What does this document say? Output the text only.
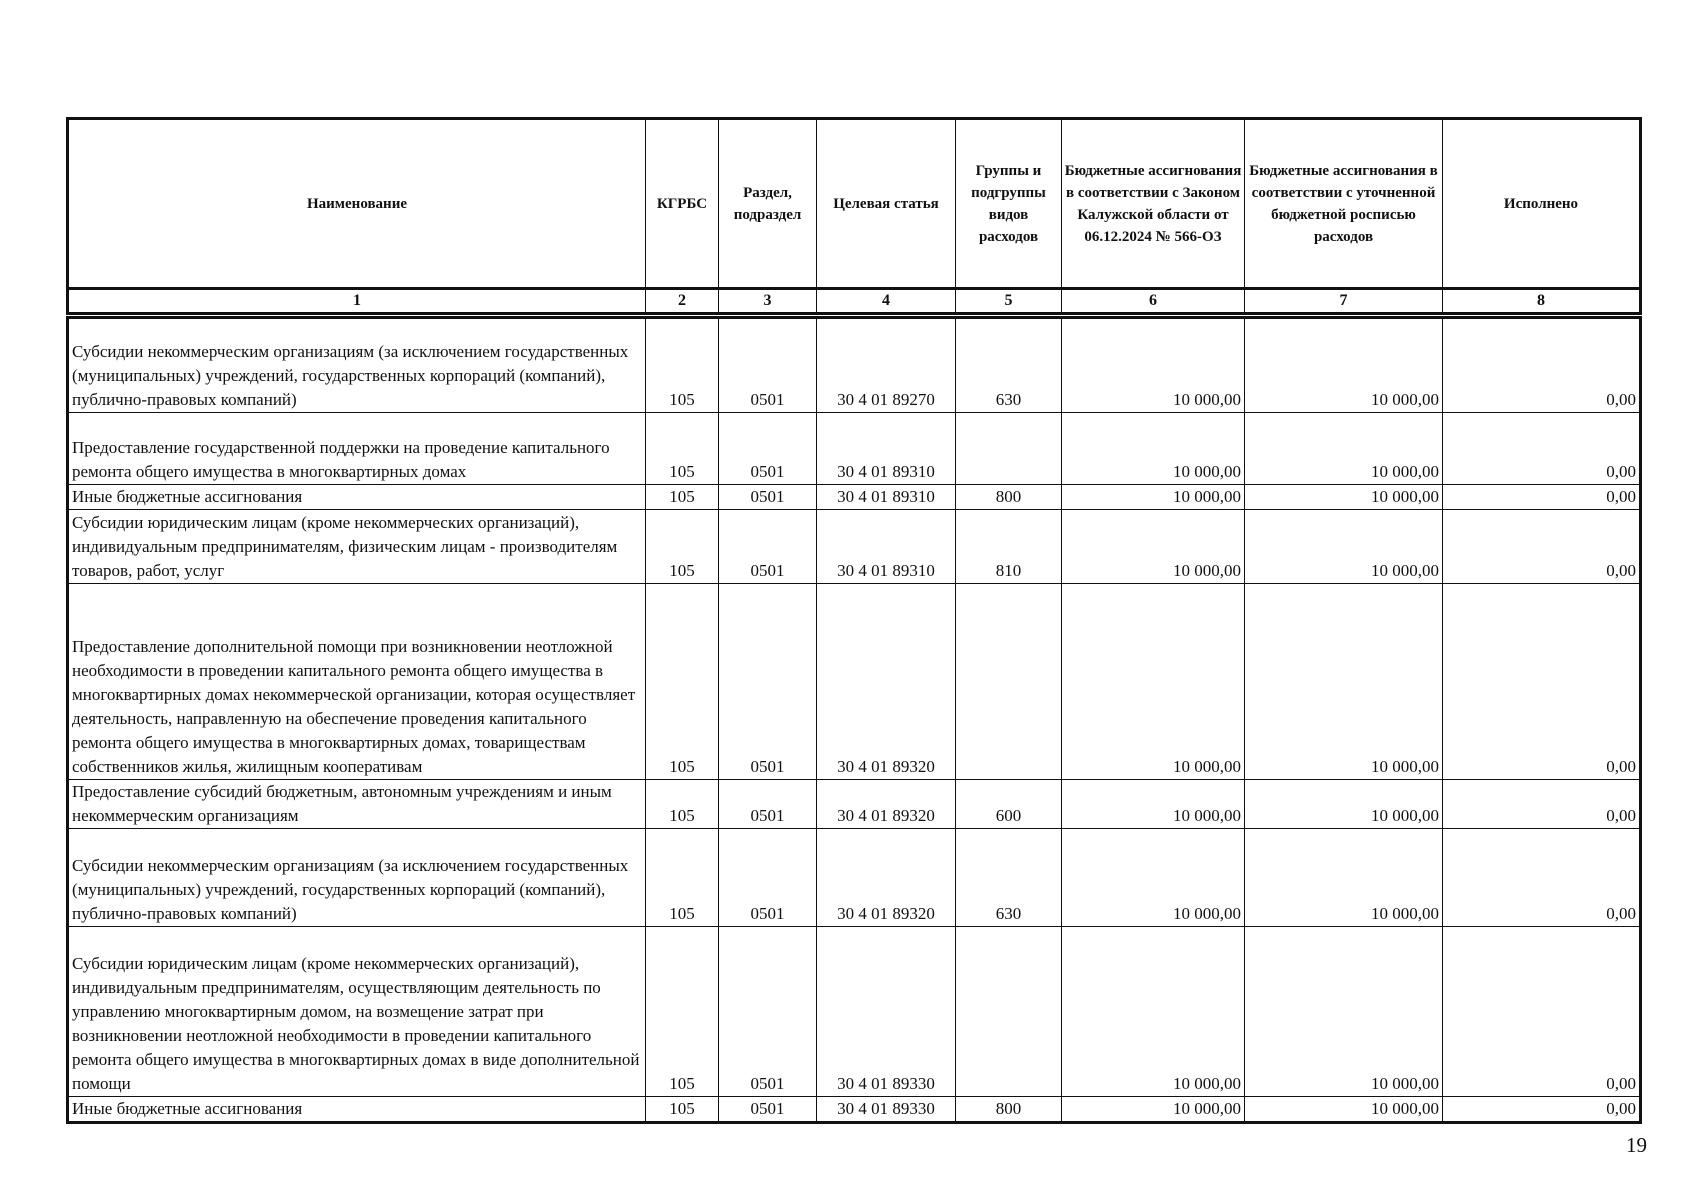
Наименование	КГРБС	Раздел, подраздел	Целевая статья	Группы и подгруппы видов расходов	Бюджетные ассигнования в соответствии с Законом Калужской области от 06.12.2024 № 566-ОЗ	Бюджетные ассигнования в соответствии с уточненной бюджетной росписью расходов	Исполнено
1	2	3	4	5	6	7	8

Субсидии некоммерческим организациям (за исключением государственных (муниципальных) учреждений, государственных корпораций (компаний), публично-правовых компаний)	105	0501	30 4 01 89270	630	10 000,00	10 000,00	0,00
Предоставление государственной поддержки на проведение капитального ремонта общего имущества в многоквартирных домах	105	0501	30 4 01 89310		10 000,00	10 000,00	0,00
Иные бюджетные ассигнования	105	0501	30 4 01 89310	800	10 000,00	10 000,00	0,00
Субсидии юридическим лицам (кроме некоммерческих организаций), индивидуальным предпринимателям, физическим лицам - производителям товаров, работ, услуг	105	0501	30 4 01 89310	810	10 000,00	10 000,00	0,00
Предоставление дополнительной помощи при возникновении неотложной необходимости в проведении капитального ремонта общего имущества в многоквартирных домах некоммерческой организации, которая осуществляет деятельность, направленную на обеспечение проведения капитального ремонта общего имущества в многоквартирных домах, товариществам собственников жилья, жилищным кооперативам	105	0501	30 4 01 89320		10 000,00	10 000,00	0,00
Предоставление субсидий бюджетным, автономным учреждениям и иным некоммерческим организациям	105	0501	30 4 01 89320	600	10 000,00	10 000,00	0,00
Субсидии некоммерческим организациям (за исключением государственных (муниципальных) учреждений, государственных корпораций (компаний), публично-правовых компаний)	105	0501	30 4 01 89320	630	10 000,00	10 000,00	0,00
Субсидии юридическим лицам (кроме некоммерческих организаций), индивидуальным предпринимателям, осуществляющим деятельность по управлению многоквартирным домом, на возмещение затрат при возникновении неотложной необходимости в проведении капитального ремонта общего имущества в многоквартирных домах в виде дополнительной помощи	105	0501	30 4 01 89330		10 000,00	10 000,00	0,00
Иные бюджетные ассигнования	105	0501	30 4 01 89330	800	10 000,00	10 000,00	0,00
19
